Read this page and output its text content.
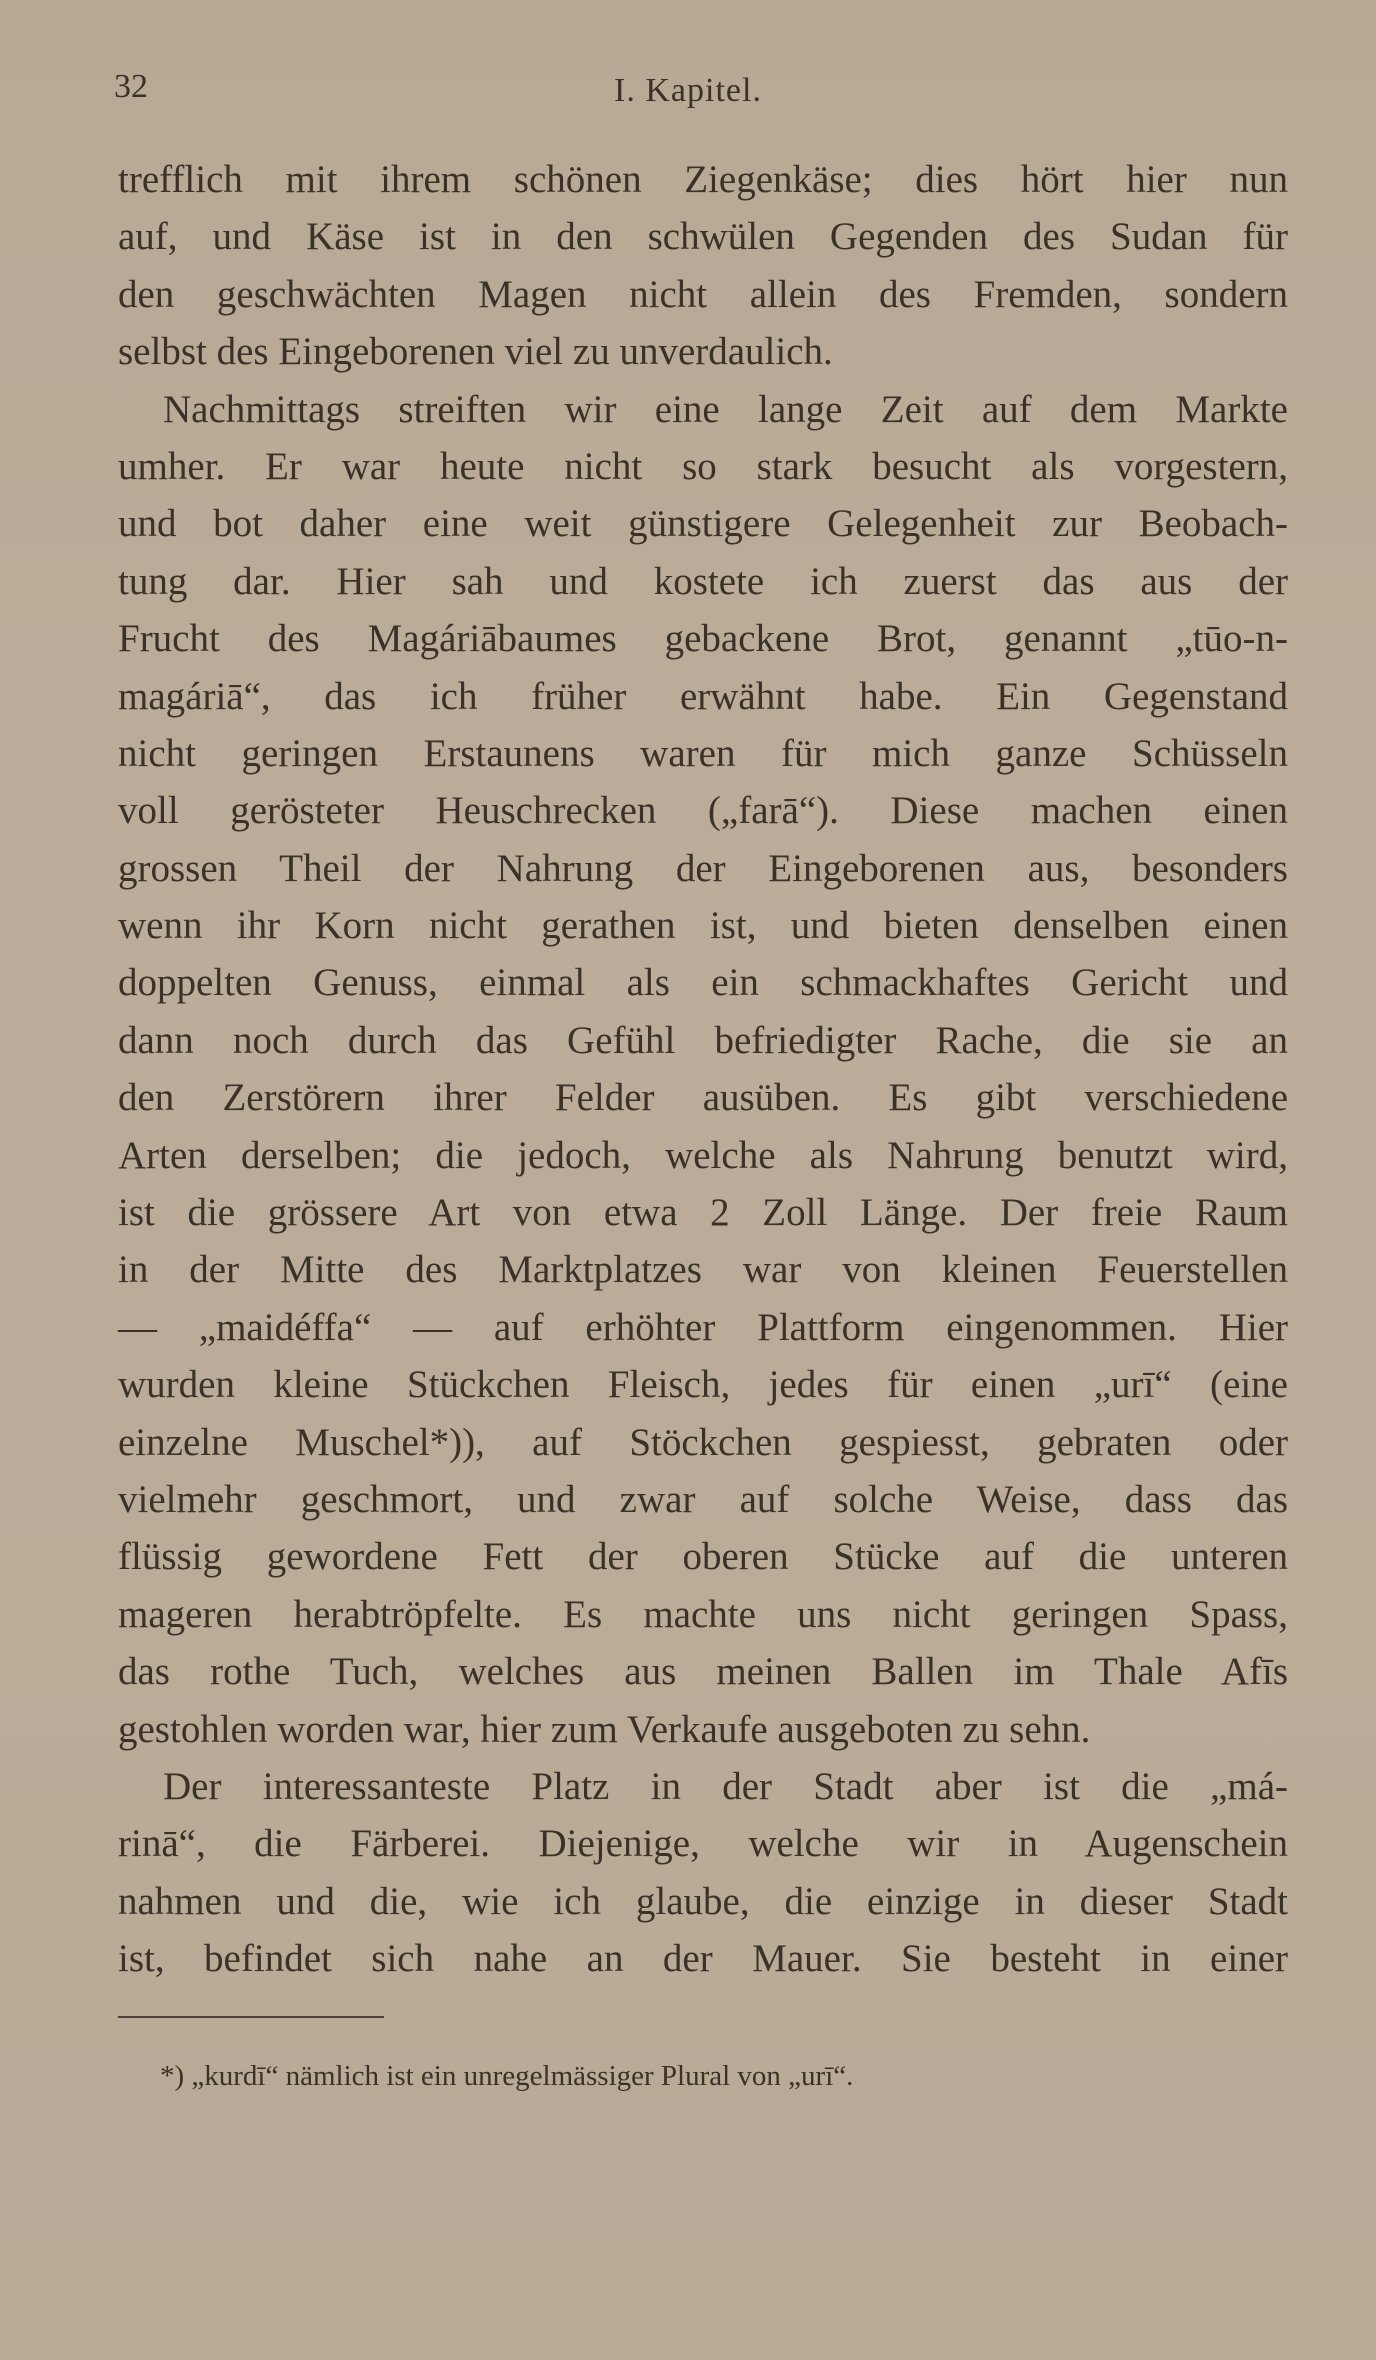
32	I. Kapitel.
trefflich mit ihrem schönen Ziegenkäse; dies hört hier nun
auf, und Käse ist in den schwülen Gegenden des Sudan für
den geschwächten Magen nicht allein des Fremden, sondern
selbst des Eingeborenen viel zu unverdaulich.
Nachmittags streiften wir eine lange Zeit auf dem Markte
umher. Er war heute nicht so stark besucht als vorgestern,
und bot daher eine weit günstigere Gelegenheit zur Beobach-
tung dar. Hier sah und kostete ich zuerst das aus der
Frucht des Magáriābaumes gebackene Brot, genannt „tūo-n-
magáriā“, das ich früher erwähnt habe. Ein Gegenstand
nicht geringen Erstaunens waren für mich ganze Schüsseln
voll gerösteter Heuschrecken („farā“). Diese machen einen
grossen Theil der Nahrung der Eingeborenen aus, besonders
wenn ihr Korn nicht gerathen ist, und bieten denselben einen
doppelten Genuss, einmal als ein schmackhaftes Gericht und
dann noch durch das Gefühl befriedigter Rache, die sie an
den Zerstörern ihrer Felder ausüben. Es gibt verschiedene
Arten derselben; die jedoch, welche als Nahrung benutzt wird,
ist die grössere Art von etwa 2 Zoll Länge. Der freie Raum
in der Mitte des Marktplatzes war von kleinen Feuerstellen
— „maidéffa“ — auf erhöhter Plattform eingenommen. Hier
wurden kleine Stückchen Fleisch, jedes für einen „urī“ (eine
einzelne Muschel*)), auf Stöckchen gespiesst, gebraten oder
vielmehr geschmort, und zwar auf solche Weise, dass das
flüssig gewordene Fett der oberen Stücke auf die unteren
mageren herabtröpfelte. Es machte uns nicht geringen Spass,
das rothe Tuch, welches aus meinen Ballen im Thale Afīs
gestohlen worden war, hier zum Verkaufe ausgeboten zu sehn.
Der interessanteste Platz in der Stadt aber ist die „má-
rinā“, die Färberei. Diejenige, welche wir in Augenschein
nahmen und die, wie ich glaube, die einzige in dieser Stadt
ist, befindet sich nahe an der Mauer. Sie besteht in einer
*) „kurdī“ nämlich ist ein unregelmässiger Plural von „urī“.
